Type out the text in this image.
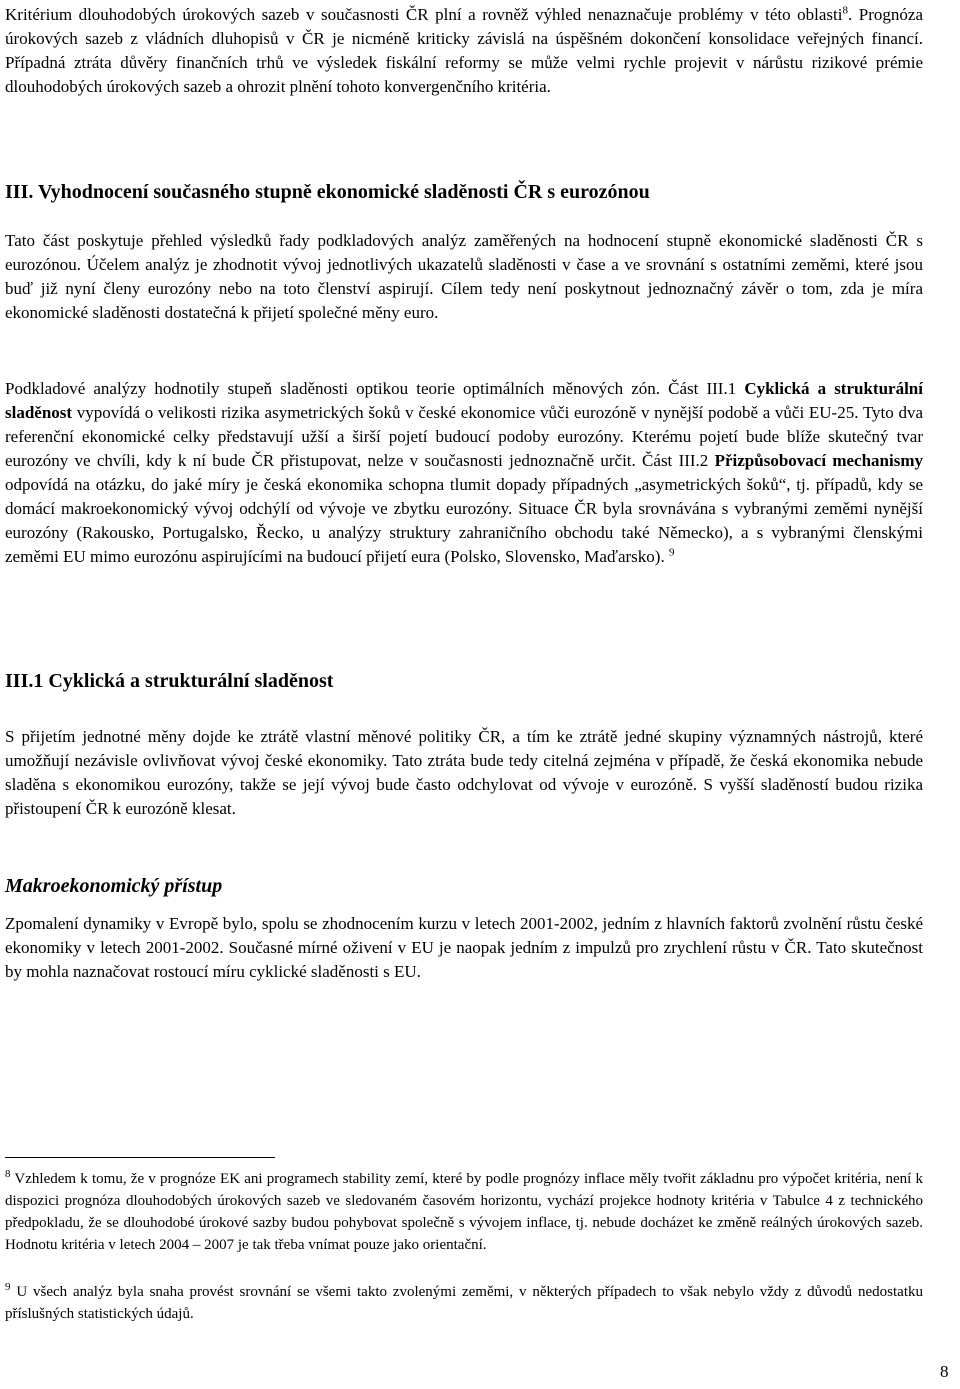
Kritérium dlouhodobých úrokových sazeb v současnosti ČR plní a rovněž výhled nenaznačuje problémy v této oblasti$^8$. Prognóza úrokových sazeb z vládních dluhopisů v ČR je nicméně kriticky závislá na úspěšném dokončení konsolidace veřejných financí. Případná ztráta důvěry finančních trhů ve výsledek fiskální reformy se může velmi rychle projevit v nárůstu rizikové prémie dlouhodobých úrokových sazeb a ohrozit plnění tohoto konvergenčního kritéria.

III. Vyhodnocení současného stupně ekonomické sladěnosti ČR s eurozónou

Tato část poskytuje přehled výsledků řady podkladových analýz zaměřených na hodnocení stupně ekonomické sladěnosti ČR s eurozónou. Účelem analýz je zhodnotit vývoj jednotlivých ukazatelů sladěnosti v čase a ve srovnání s ostatními zeměmi, které jsou buď již nyní členy eurozóny nebo na toto členství aspirují. Cílem tedy není poskytnout jednoznačný závěr o tom, zda je míra ekonomické sladěnosti dostatečná k přijetí společné měny euro.

Podkladové analýzy hodnotily stupeň sladěnosti optikou teorie optimálních měnových zón. Část III.1 Cyklická a strukturální sladěnost vypovídá o velikosti rizika asymetrických šoků v české ekonomice vůči eurozóně v nynější podobě a vůči EU-25. Tyto dva referenční ekonomické celky představují užší a širší pojetí budoucí podoby eurozóny. Kterému pojetí bude blíže skutečný tvar eurozóny ve chvíli, kdy k ní bude ČR přistupovat, nelze v současnosti jednoznačně určit. Část III.2 Přizpůsobovací mechanismy odpovídá na otázku, do jaké míry je česká ekonomika schopna tlumit dopady případných „asymetrických šoků“, tj. případů, kdy se domácí makroekonomický vývoj odchýlí od vývoje ve zbytku eurozóny. Situace ČR byla srovnávána s vybranými zeměmi nynější eurozóny (Rakousko, Portugalsko, Řecko, u analýzy struktury zahraničního obchodu také Německo), a s vybranými členskými zeměmi EU mimo eurozónu aspirujícími na budoucí přijetí eura (Polsko, Slovensko, Maďarsko). $^9$

III.1 Cyklická a strukturální sladěnost

S přijetím jednotné měny dojde ke ztrátě vlastní měnové politiky ČR, a tím ke ztrátě jedné skupiny významných nástrojů, které umožňují nezávisle ovlivňovat vývoj české ekonomiky. Tato ztráta bude tedy citelná zejména v případě, že česká ekonomika nebude sladěna s ekonomikou eurozóny, takže se její vývoj bude často odchylovat od vývoje v eurozóně. S vyšší sladěností budou rizika přistoupení ČR k eurozóně klesat.

Makroekonomický přístup

Zpomalení dynamiky v Evropě bylo, spolu se zhodnocením kurzu v letech 2001-2002, jedním z hlavních faktorů zvolnění růstu české ekonomiky v letech 2001-2002. Současné mírné oživení v EU je naopak jedním z impulzů pro zrychlení růstu v ČR. Tato skutečnost by mohla naznačovat rostoucí míru cyklické sladěnosti s EU.

$^8$ Vzhledem k tomu, že v prognóze EK ani programech stability zemí, které by podle prognózy inflace měly tvořit základnu pro výpočet kritéria, není k dispozici prognóza dlouhodobých úrokových sazeb ve sledovaném časovém horizontu, vychází projekce hodnoty kritéria v Tabulce 4 z technického předpokladu, že se dlouhodobé úrokové sazby budou pohybovat společně s vývojem inflace, tj. nebude docházet ke změně reálných úrokových sazeb. Hodnotu kritéria v letech 2004 – 2007 je tak třeba vnímat pouze jako orientační.

$^9$ U všech analýz byla snaha provést srovnání se všemi takto zvolenými zeměmi, v některých případech to však nebylo vždy z důvodů nedostatku příslušných statistických údajů.

8
